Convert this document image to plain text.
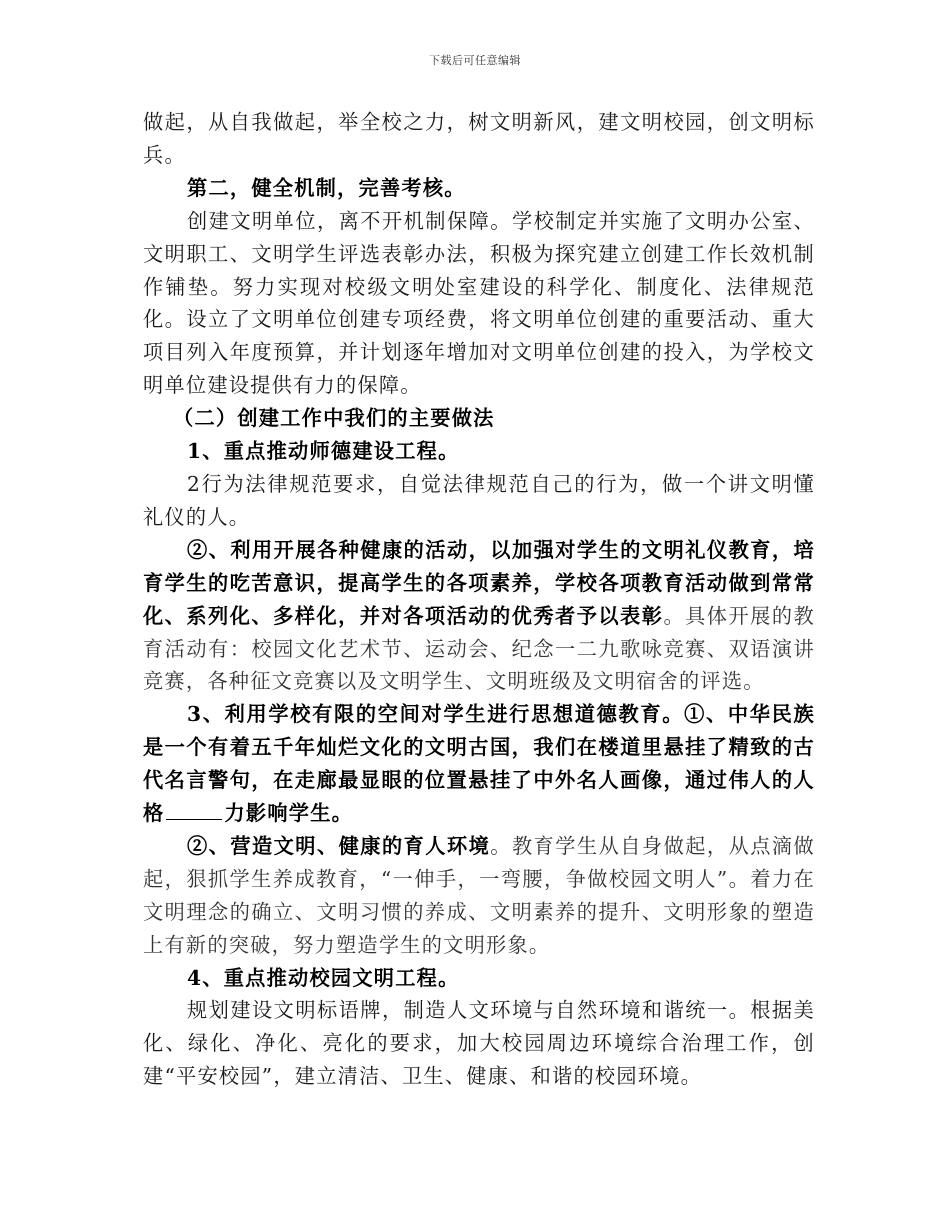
下载后可任意编辑

做起，从自我做起，举全校之力，树文明新风，建文明校园，创文明标兵。

第二，健全机制，完善考核。

创建文明单位，离不开机制保障。学校制定并实施了文明办公室、文明职工、文明学生评选表彰办法，积极为探究建立创建工作长效机制作铺垫。努力实现对校级文明处室建设的科学化、制度化、法律规范化。设立了文明单位创建专项经费，将文明单位创建的重要活动、重大项目列入年度预算，并计划逐年增加对文明单位创建的投入，为学校文明单位建设提供有力的保障。

（二）创建工作中我们的主要做法

1、重点推动师德建设工程。

2行为法律规范要求，自觉法律规范自己的行为，做一个讲文明懂礼仪的人。

②、利用开展各种健康的活动，以加强对学生的文明礼仪教育，培育学生的吃苦意识，提高学生的各项素养，学校各项教育活动做到常常化、系列化、多样化，并对各项活动的优秀者予以表彰。具体开展的教育活动有：校园文化艺术节、运动会、纪念一二九歌咏竞赛、双语演讲竞赛，各种征文竞赛以及文明学生、文明班级及文明宿舍的评选。

3、利用学校有限的空间对学生进行思想道德教育。①、中华民族是一个有着五千年灿烂文化的文明古国，我们在楼道里悬挂了精致的古代名言警句，在走廊最显眼的位置悬挂了中外名人画像，通过伟人的人格	力影响学生。

②、营造文明、健康的育人环境。教育学生从自身做起，从点滴做起，狠抓学生养成教育，“一伸手，一弯腰，争做校园文明人”。着力在文明理念的确立、文明习惯的养成、文明素养的提升、文明形象的塑造上有新的突破，努力塑造学生的文明形象。

4、重点推动校园文明工程。

规划建设文明标语牌，制造人文环境与自然环境和谐统一。根据美化、绿化、净化、亮化的要求，加大校园周边环境综合治理工作，创建“平安校园”，建立清洁、卫生、健康、和谐的校园环境。
